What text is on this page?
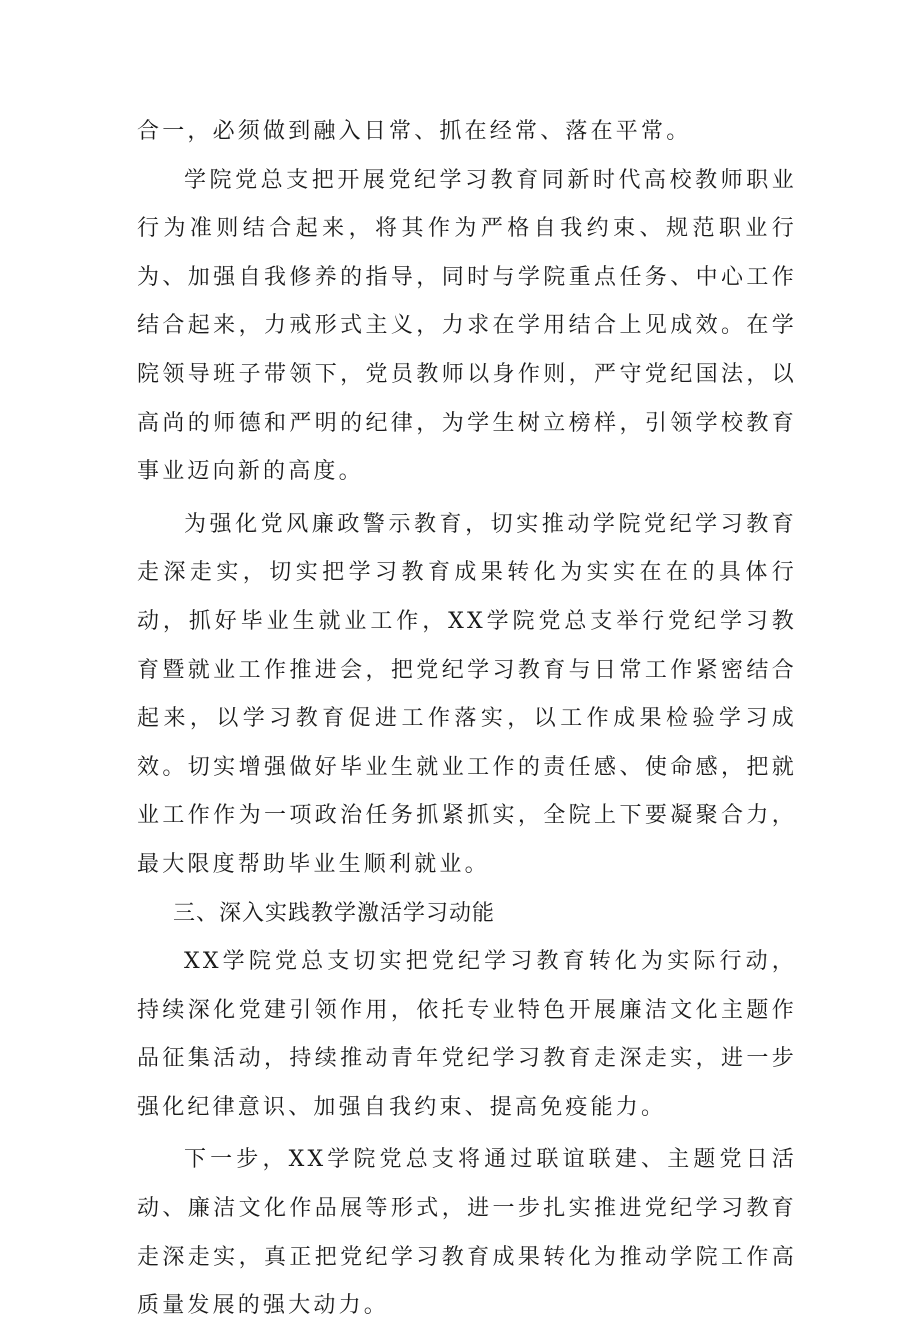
合一，必须做到融入日常、抓在经常、落在平常。

学院党总支把开展党纪学习教育同新时代高校教师职业行为准则结合起来，将其作为严格自我约束、规范职业行为、加强自我修养的指导，同时与学院重点任务、中心工作结合起来，力戒形式主义，力求在学用结合上见成效。在学院领导班子带领下，党员教师以身作则，严守党纪国法，以高尚的师德和严明的纪律，为学生树立榜样，引领学校教育事业迈向新的高度。

为强化党风廉政警示教育，切实推动学院党纪学习教育走深走实，切实把学习教育成果转化为实实在在的具体行动，抓好毕业生就业工作，XX学院党总支举行党纪学习教育暨就业工作推进会，把党纪学习教育与日常工作紧密结合起来，以学习教育促进工作落实，以工作成果检验学习成效。切实增强做好毕业生就业工作的责任感、使命感，把就业工作作为一项政治任务抓紧抓实，全院上下要凝聚合力，最大限度帮助毕业生顺利就业。

三、深入实践教学激活学习动能

XX学院党总支切实把党纪学习教育转化为实际行动，持续深化党建引领作用，依托专业特色开展廉洁文化主题作品征集活动，持续推动青年党纪学习教育走深走实，进一步强化纪律意识、加强自我约束、提高免疫能力。

下一步，XX学院党总支将通过联谊联建、主题党日活动、廉洁文化作品展等形式，进一步扎实推进党纪学习教育走深走实，真正把党纪学习教育成果转化为推动学院工作高质量发展的强大动力。
